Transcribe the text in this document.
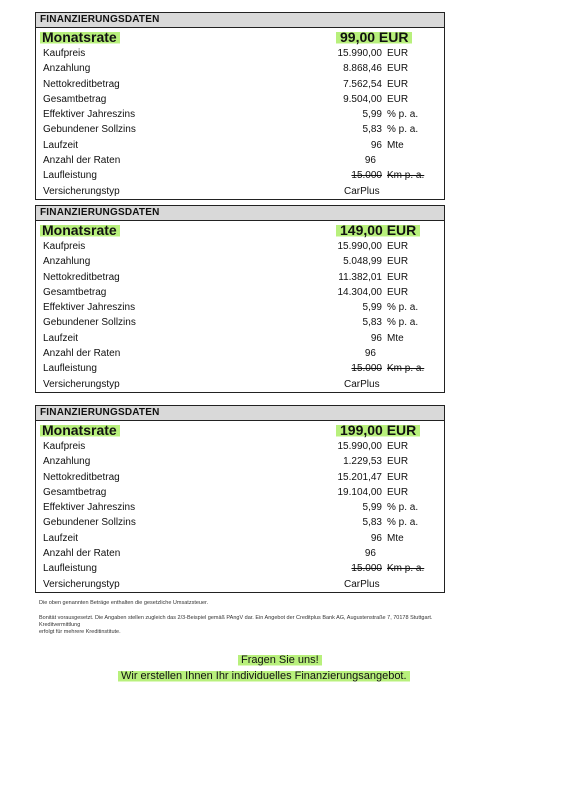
FINANZIERUNGSDATEN
Monatsrate	99,00 EUR
Kaufpreis	15.990,00 EUR
Anzahlung	8.868,46 EUR
Nettokreditbetrag	7.562,54 EUR
Gesamtbetrag	9.504,00 EUR
Effektiver Jahreszins	5,99 % p. a.
Gebundener Sollzins	5,83 % p. a.
Laufzeit	96 Mte
Anzahl der Raten	96
Laufleistung	15.000 Km p. a.
Versicherungstyp	CarPlus
FINANZIERUNGSDATEN
Monatsrate	149,00 EUR
Kaufpreis	15.990,00 EUR
Anzahlung	5.048,99 EUR
Nettokreditbetrag	11.382,01 EUR
Gesamtbetrag	14.304,00 EUR
Effektiver Jahreszins	5,99 % p. a.
Gebundener Sollzins	5,83 % p. a.
Laufzeit	96 Mte
Anzahl der Raten	96
Laufleistung	15.000 Km p. a.
Versicherungstyp	CarPlus
FINANZIERUNGSDATEN
Monatsrate	199,00 EUR
Kaufpreis	15.990,00 EUR
Anzahlung	1.229,53 EUR
Nettokreditbetrag	15.201,47 EUR
Gesamtbetrag	19.104,00 EUR
Effektiver Jahreszins	5,99 % p. a.
Gebundener Sollzins	5,83 % p. a.
Laufzeit	96 Mte
Anzahl der Raten	96
Laufleistung	15.000 Km p. a.
Versicherungstyp	CarPlus
Die oben genannten Beträge enthalten die gesetzliche Umsatzsteuer.
Bonität vorausgesetzt. Die Angaben stellen zugleich das 2/3-Beispiel gemäß PAngV dar. Ein Angebot der Creditplus Bank AG, Augustenstraße 7, 70178 Stuttgart.
Kreditvermittlung
erfolgt für mehrere Kreditinstitute.
Fragen Sie uns!
Wir erstellen Ihnen Ihr individuelles Finanzierungsangebot.
